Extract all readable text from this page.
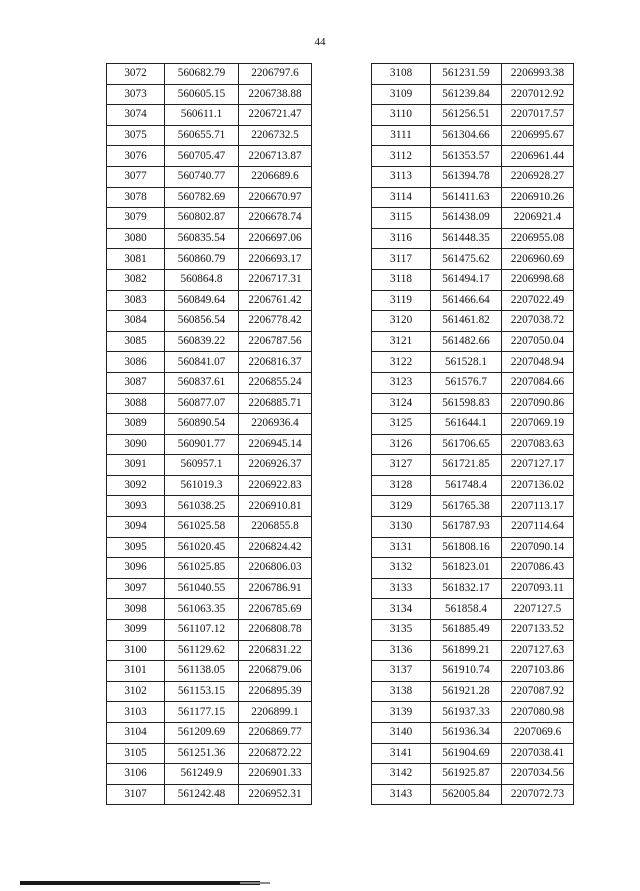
44
3072	560682.79	2206797.6
3073	560605.15	2206738.88
3074	560611.1	2206721.47
3075	560655.71	2206732.5
3076	560705.47	2206713.87
3077	560740.77	2206689.6
3078	560782.69	2206670.97
3079	560802.87	2206678.74
3080	560835.54	2206697.06
3081	560860.79	2206693.17
3082	560864.8	2206717.31
3083	560849.64	2206761.42
3084	560856.54	2206778.42
3085	560839.22	2206787.56
3086	560841.07	2206816.37
3087	560837.61	2206855.24
3088	560877.07	2206885.71
3089	560890.54	2206936.4
3090	560901.77	2206945.14
3091	560957.1	2206926.37
3092	561019.3	2206922.83
3093	561038.25	2206910.81
3094	561025.58	2206855.8
3095	561020.45	2206824.42
3096	561025.85	2206806.03
3097	561040.55	2206786.91
3098	561063.35	2206785.69
3099	561107.12	2206808.78
3100	561129.62	2206831.22
3101	561138.05	2206879.06
3102	561153.15	2206895.39
3103	561177.15	2206899.1
3104	561209.69	2206869.77
3105	561251.36	2206872.22
3106	561249.9	2206901.33
3107	561242.48	2206952.31
3108	561231.59	2206993.38
3109	561239.84	2207012.92
3110	561256.51	2207017.57
3111	561304.66	2206995.67
3112	561353.57	2206961.44
3113	561394.78	2206928.27
3114	561411.63	2206910.26
3115	561438.09	2206921.4
3116	561448.35	2206955.08
3117	561475.62	2206960.69
3118	561494.17	2206998.68
3119	561466.64	2207022.49
3120	561461.82	2207038.72
3121	561482.66	2207050.04
3122	561528.1	2207048.94
3123	561576.7	2207084.66
3124	561598.83	2207090.86
3125	561644.1	2207069.19
3126	561706.65	2207083.63
3127	561721.85	2207127.17
3128	561748.4	2207136.02
3129	561765.38	2207113.17
3130	561787.93	2207114.64
3131	561808.16	2207090.14
3132	561823.01	2207086.43
3133	561832.17	2207093.11
3134	561858.4	2207127.5
3135	561885.49	2207133.52
3136	561899.21	2207127.63
3137	561910.74	2207103.86
3138	561921.28	2207087.92
3139	561937.33	2207080.98
3140	561936.34	2207069.6
3141	561904.69	2207038.41
3142	561925.87	2207034.56
3143	562005.84	2207072.73
